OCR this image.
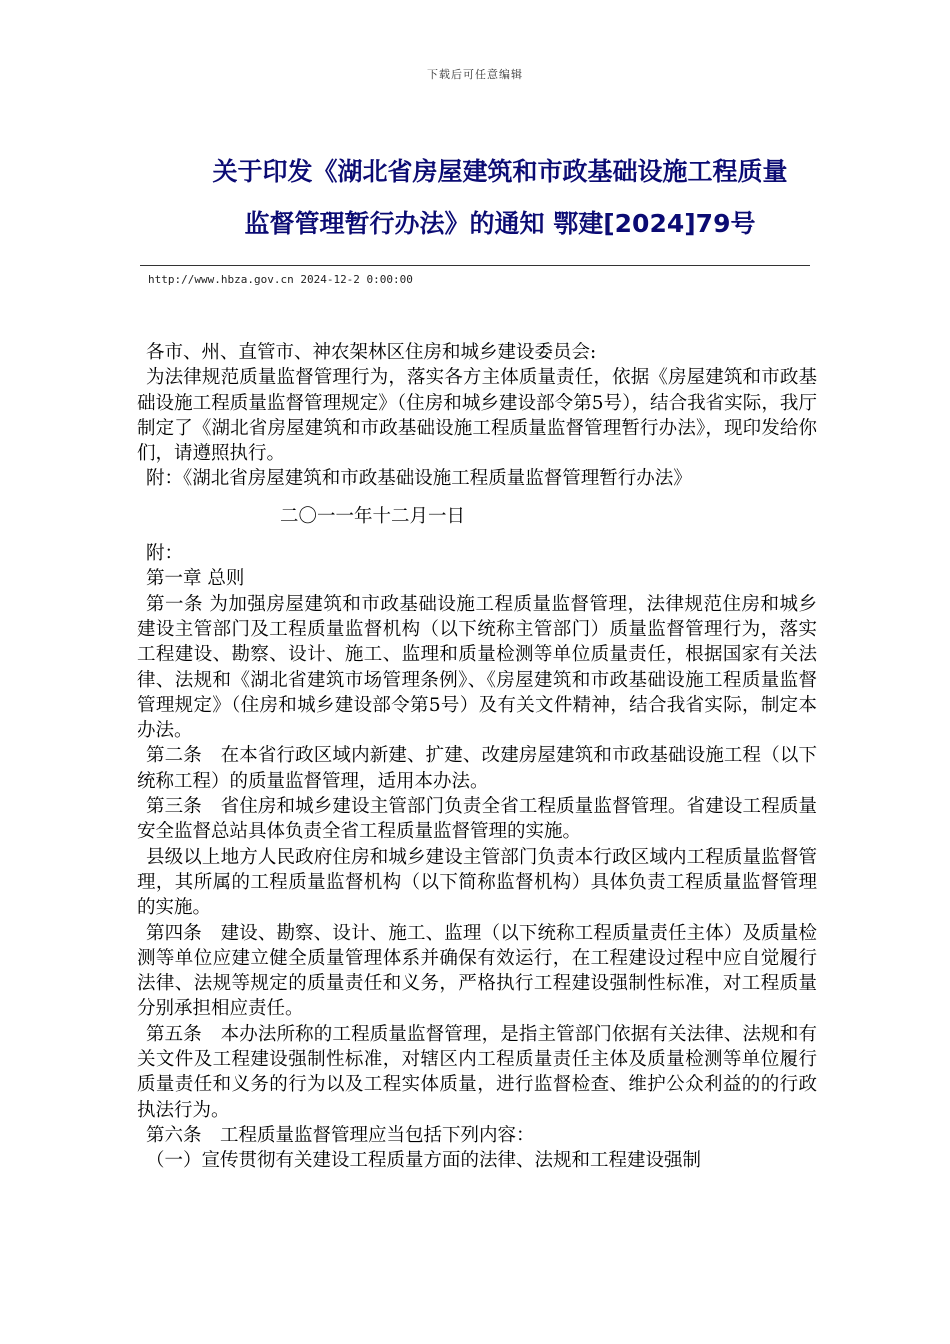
下载后可任意编辑
关于印发《湖北省房屋建筑和市政基础设施工程质量
监督管理暂行办法》的通知 鄂建[2024]79号
http://www.hbza.gov.cn 2024-12-2 0:00:00

各市、州、直管市、神农架林区住房和城乡建设委员会:

为法律规范质量监督管理行为，落实各方主体质量责任，依据《房屋建筑和市政基础设施工程质量监督管理规定》（住房和城乡建设部令第5号），结合我省实际，我厅制定了《湖北省房屋建筑和市政基础设施工程质量监督管理暂行办法》，现印发给你们，请遵照执行。

附：《湖北省房屋建筑和市政基础设施工程质量监督管理暂行办法》

二〇一一年十二月一日

附：

第一章 总则

第一条 为加强房屋建筑和市政基础设施工程质量监督管理，法律规范住房和城乡建设主管部门及工程质量监督机构（以下统称主管部门）质量监督管理行为，落实工程建设、勘察、设计、施工、监理和质量检测等单位质量责任，根据国家有关法律、法规和《湖北省建筑市场管理条例》、《房屋建筑和市政基础设施工程质量监督管理规定》（住房和城乡建设部令第5号）及有关文件精神，结合我省实际，制定本办法。

第二条　在本省行政区域内新建、扩建、改建房屋建筑和市政基础设施工程（以下统称工程）的质量监督管理，适用本办法。

第三条　省住房和城乡建设主管部门负责全省工程质量监督管理。省建设工程质量安全监督总站具体负责全省工程质量监督管理的实施。

县级以上地方人民政府住房和城乡建设主管部门负责本行政区域内工程质量监督管理，其所属的工程质量监督机构（以下简称监督机构）具体负责工程质量监督管理的实施。

第四条　建设、勘察、设计、施工、监理（以下统称工程质量责任主体）及质量检测等单位应建立健全质量管理体系并确保有效运行，在工程建设过程中应自觉履行法律、法规等规定的质量责任和义务，严格执行工程建设强制性标准，对工程质量分别承担相应责任。

第五条　本办法所称的工程质量监督管理，是指主管部门依据有关法律、法规和有关文件及工程建设强制性标准，对辖区内工程质量责任主体及质量检测等单位履行质量责任和义务的行为以及工程实体质量，进行监督检查、维护公众利益的的行政执法行为。

第六条　工程质量监督管理应当包括下列内容：

（一）宣传贯彻有关建设工程质量方面的法律、法规和工程建设强制
